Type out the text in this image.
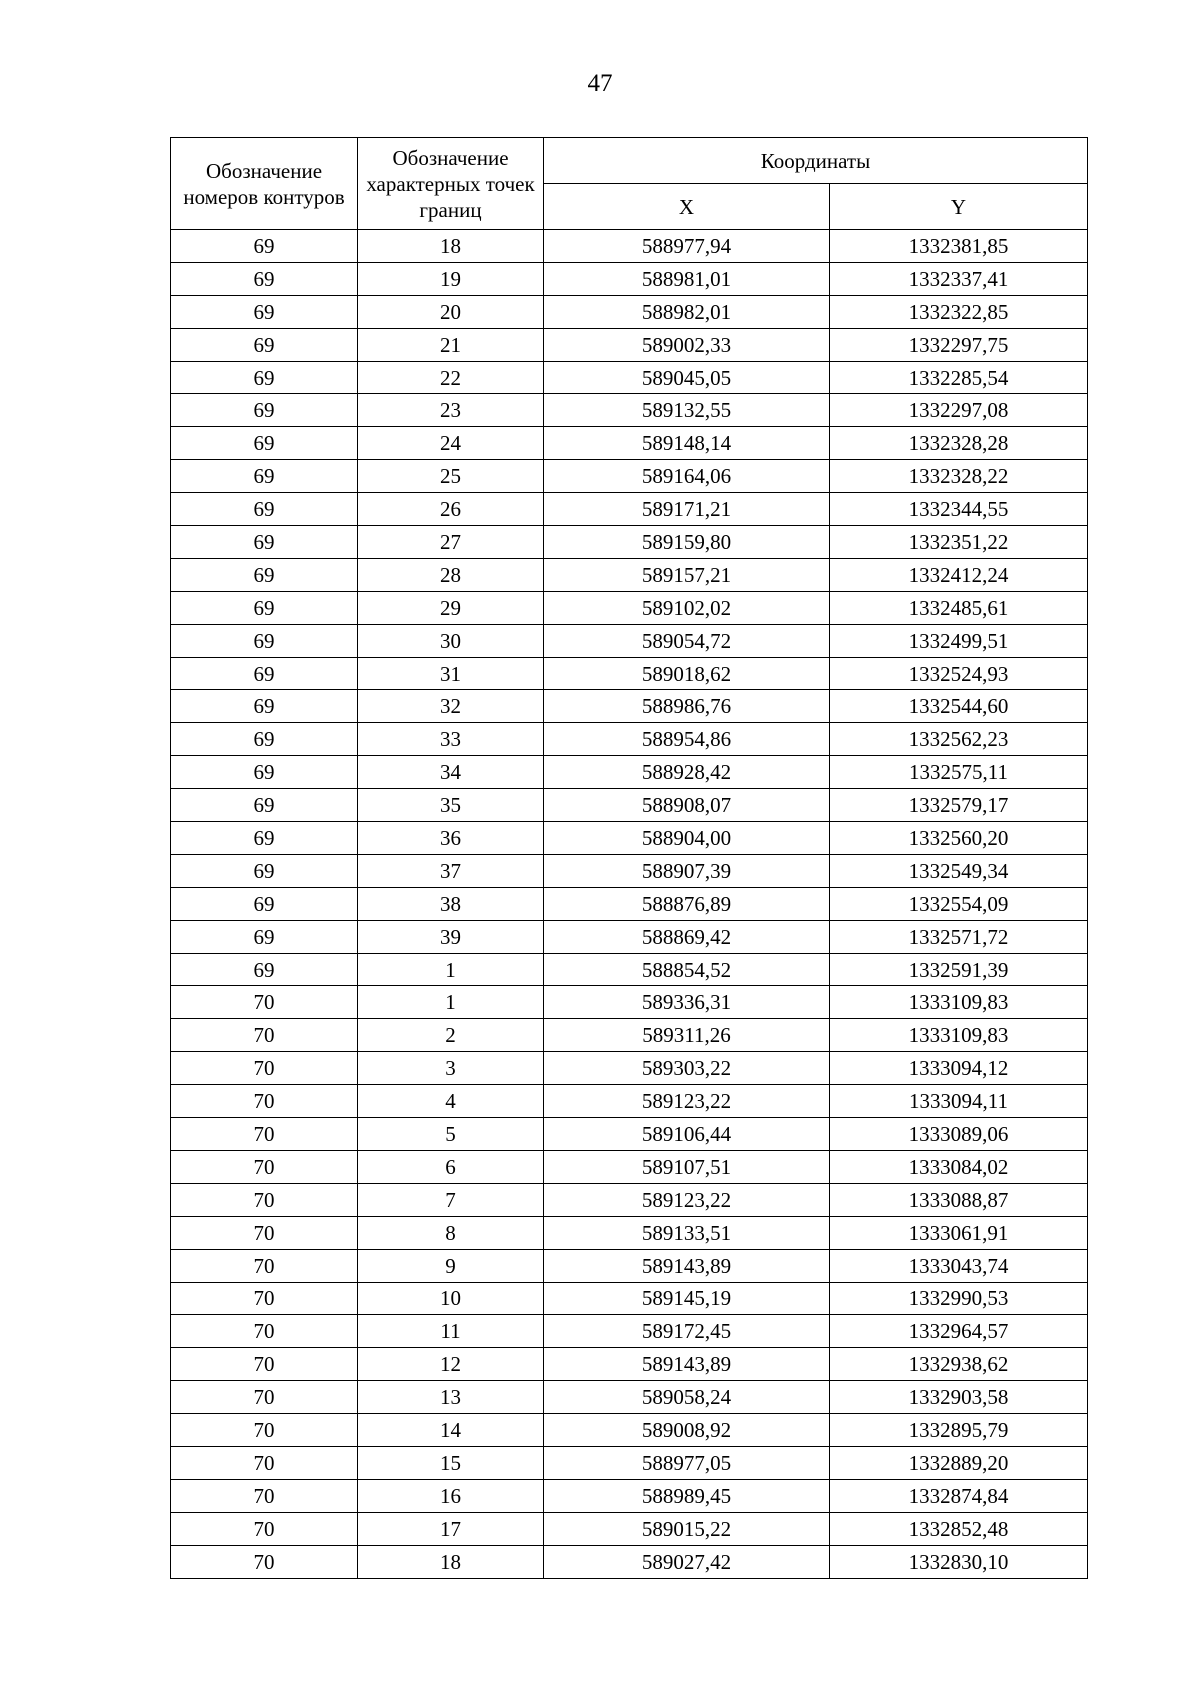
47
Обозначение номеров контуров	Обозначение характерных точек границ	Координаты	
		X	Y
69	18	588977,94	1332381,85
69	19	588981,01	1332337,41
69	20	588982,01	1332322,85
69	21	589002,33	1332297,75
69	22	589045,05	1332285,54
69	23	589132,55	1332297,08
69	24	589148,14	1332328,28
69	25	589164,06	1332328,22
69	26	589171,21	1332344,55
69	27	589159,80	1332351,22
69	28	589157,21	1332412,24
69	29	589102,02	1332485,61
69	30	589054,72	1332499,51
69	31	589018,62	1332524,93
69	32	588986,76	1332544,60
69	33	588954,86	1332562,23
69	34	588928,42	1332575,11
69	35	588908,07	1332579,17
69	36	588904,00	1332560,20
69	37	588907,39	1332549,34
69	38	588876,89	1332554,09
69	39	588869,42	1332571,72
69	1	588854,52	1332591,39
70	1	589336,31	1333109,83
70	2	589311,26	1333109,83
70	3	589303,22	1333094,12
70	4	589123,22	1333094,11
70	5	589106,44	1333089,06
70	6	589107,51	1333084,02
70	7	589123,22	1333088,87
70	8	589133,51	1333061,91
70	9	589143,89	1333043,74
70	10	589145,19	1332990,53
70	11	589172,45	1332964,57
70	12	589143,89	1332938,62
70	13	589058,24	1332903,58
70	14	589008,92	1332895,79
70	15	588977,05	1332889,20
70	16	588989,45	1332874,84
70	17	589015,22	1332852,48
70	18	589027,42	1332830,10
